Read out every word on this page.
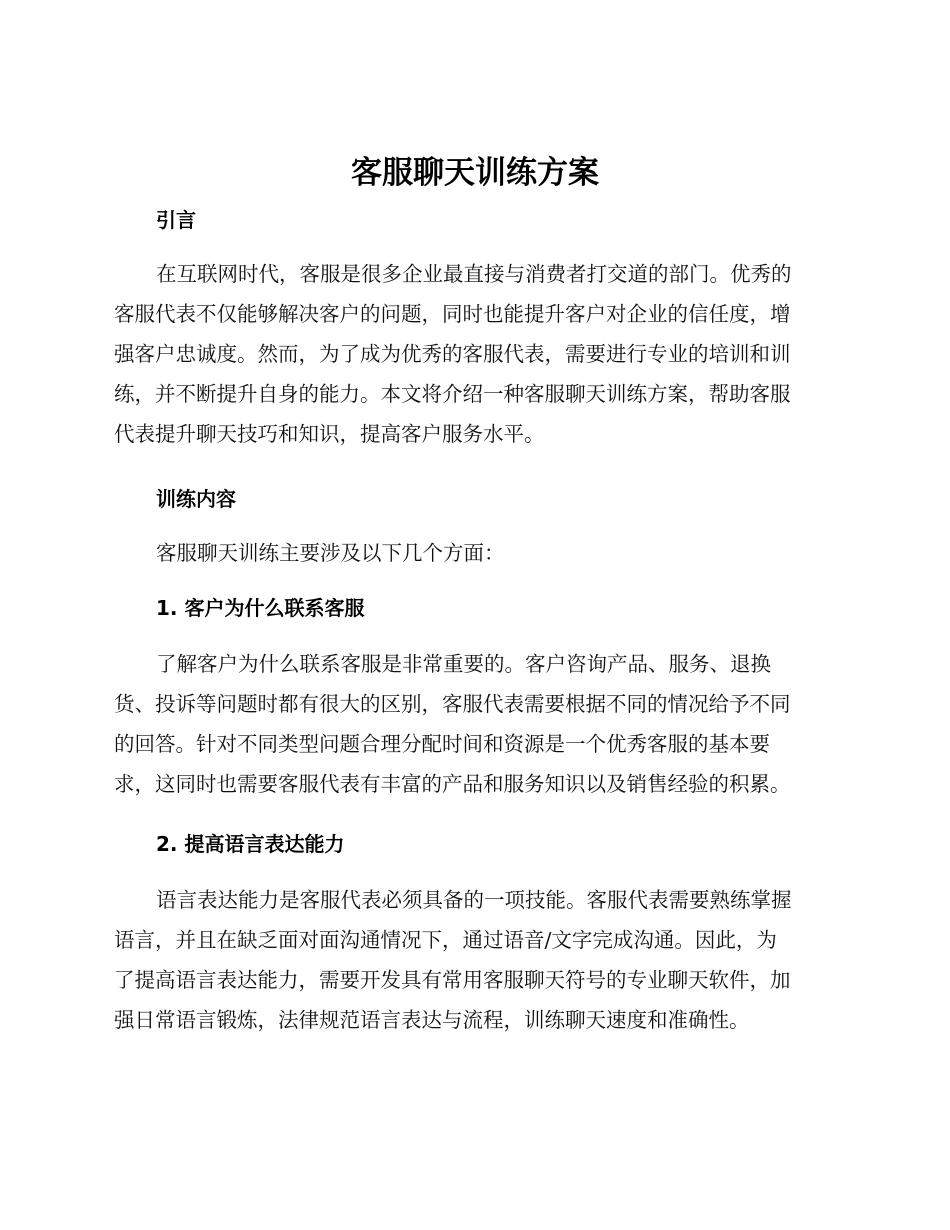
客服聊天训练方案
引言
在互联网时代，客服是很多企业最直接与消费者打交道的部门。优秀的
客服代表不仅能够解决客户的问题，同时也能提升客户对企业的信任度，增
强客户忠诚度。然而，为了成为优秀的客服代表，需要进行专业的培训和训
练，并不断提升自身的能力。本文将介绍一种客服聊天训练方案，帮助客服
代表提升聊天技巧和知识，提高客户服务水平。
训练内容

客服聊天训练主要涉及以下几个方面：

1. 客户为什么联系客服
了解客户为什么联系客服是非常重要的。客户咨询产品、服务、退换
货、投诉等问题时都有很大的区别，客服代表需要根据不同的情况给予不同
的回答。针对不同类型问题合理分配时间和资源是一个优秀客服的基本要
求，这同时也需要客服代表有丰富的产品和服务知识以及销售经验的积累。
2. 提高语言表达能力
语言表达能力是客服代表必须具备的一项技能。客服代表需要熟练掌握
语言，并且在缺乏面对面沟通情况下，通过语音/文字完成沟通。因此，为
了提高语言表达能力，需要开发具有常用客服聊天符号的专业聊天软件，加
强日常语言锻炼，法律规范语言表达与流程，训练聊天速度和准确性。
